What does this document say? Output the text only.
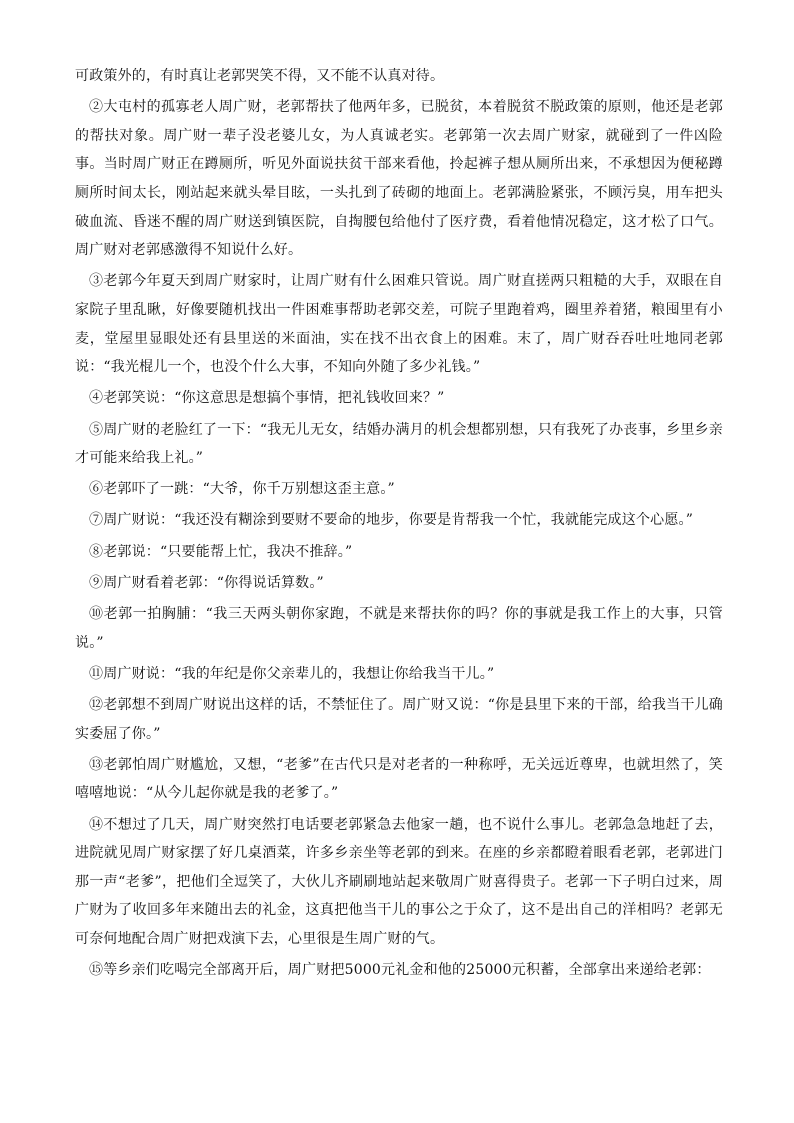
可政策外的，有时真让老郭哭笑不得，又不能不认真对待。

②大屯村的孤寡老人周广财，老郭帮扶了他两年多，已脱贫，本着脱贫不脱政策的原则，他还是老郭的帮扶对象。周广财一辈子没老婆儿女，为人真诚老实。老郭第一次去周广财家，就碰到了一件凶险事。当时周广财正在蹲厕所，听见外面说扶贫干部来看他，拎起裤子想从厕所出来，不承想因为便秘蹲厕所时间太长，刚站起来就头晕目眩，一头扎到了砖砌的地面上。老郭满脸紧张，不顾污臭，用车把头破血流、昏迷不醒的周广财送到镇医院，自掏腰包给他付了医疗费，看着他情况稳定，这才松了口气。周广财对老郭感激得不知说什么好。

③老郭今年夏天到周广财家时，让周广财有什么困难只管说。周广财直搓两只粗糙的大手，双眼在自家院子里乱瞅，好像要随机找出一件困难事帮助老郭交差，可院子里跑着鸡，圈里养着猪，粮囤里有小麦，堂屋里显眼处还有县里送的米面油，实在找不出衣食上的困难。末了，周广财吞吞吐吐地同老郭说：“我光棍儿一个，也没个什么大事，不知向外随了多少礼钱。”

④老郭笑说：“你这意思是想搞个事情，把礼钱收回来？”

⑤周广财的老脸红了一下：“我无儿无女，结婚办满月的机会想都别想，只有我死了办丧事，乡里乡亲才可能来给我上礼。”

⑥老郭吓了一跳：“大爷，你千万别想这歪主意。”

⑦周广财说：“我还没有糊涂到要财不要命的地步，你要是肯帮我一个忙，我就能完成这个心愿。”

⑧老郭说：“只要能帮上忙，我决不推辞。”

⑨周广财看着老郭：“你得说话算数。”

⑩老郭一拍胸脯：“我三天两头朝你家跑，不就是来帮扶你的吗？你的事就是我工作上的大事，只管说。”

⑪周广财说：“我的年纪是你父亲辈儿的，我想让你给我当干儿。”

⑫老郭想不到周广财说出这样的话，不禁怔住了。周广财又说：“你是县里下来的干部，给我当干儿确实委屈了你。”

⑬老郭怕周广财尴尬，又想，“老爹”在古代只是对老者的一种称呼，无关远近尊卑，也就坦然了，笑嘻嘻地说：“从今儿起你就是我的老爹了。”

⑭不想过了几天，周广财突然打电话要老郭紧急去他家一趟，也不说什么事儿。老郭急急地赶了去，进院就见周广财家摆了好几桌酒菜，许多乡亲坐等老郭的到来。在座的乡亲都瞪着眼看老郭，老郭进门那一声“老爹”，把他们全逗笑了，大伙儿齐刷刷地站起来敬周广财喜得贵子。老郭一下子明白过来，周广财为了收回多年来随出去的礼金，这真把他当干儿的事公之于众了，这不是出自己的洋相吗？老郭无可奈何地配合周广财把戏演下去，心里很是生周广财的气。

⑮等乡亲们吃喝完全部离开后，周广财把5000元礼金和他的25000元积蓄，全部拿出来递给老郭：
